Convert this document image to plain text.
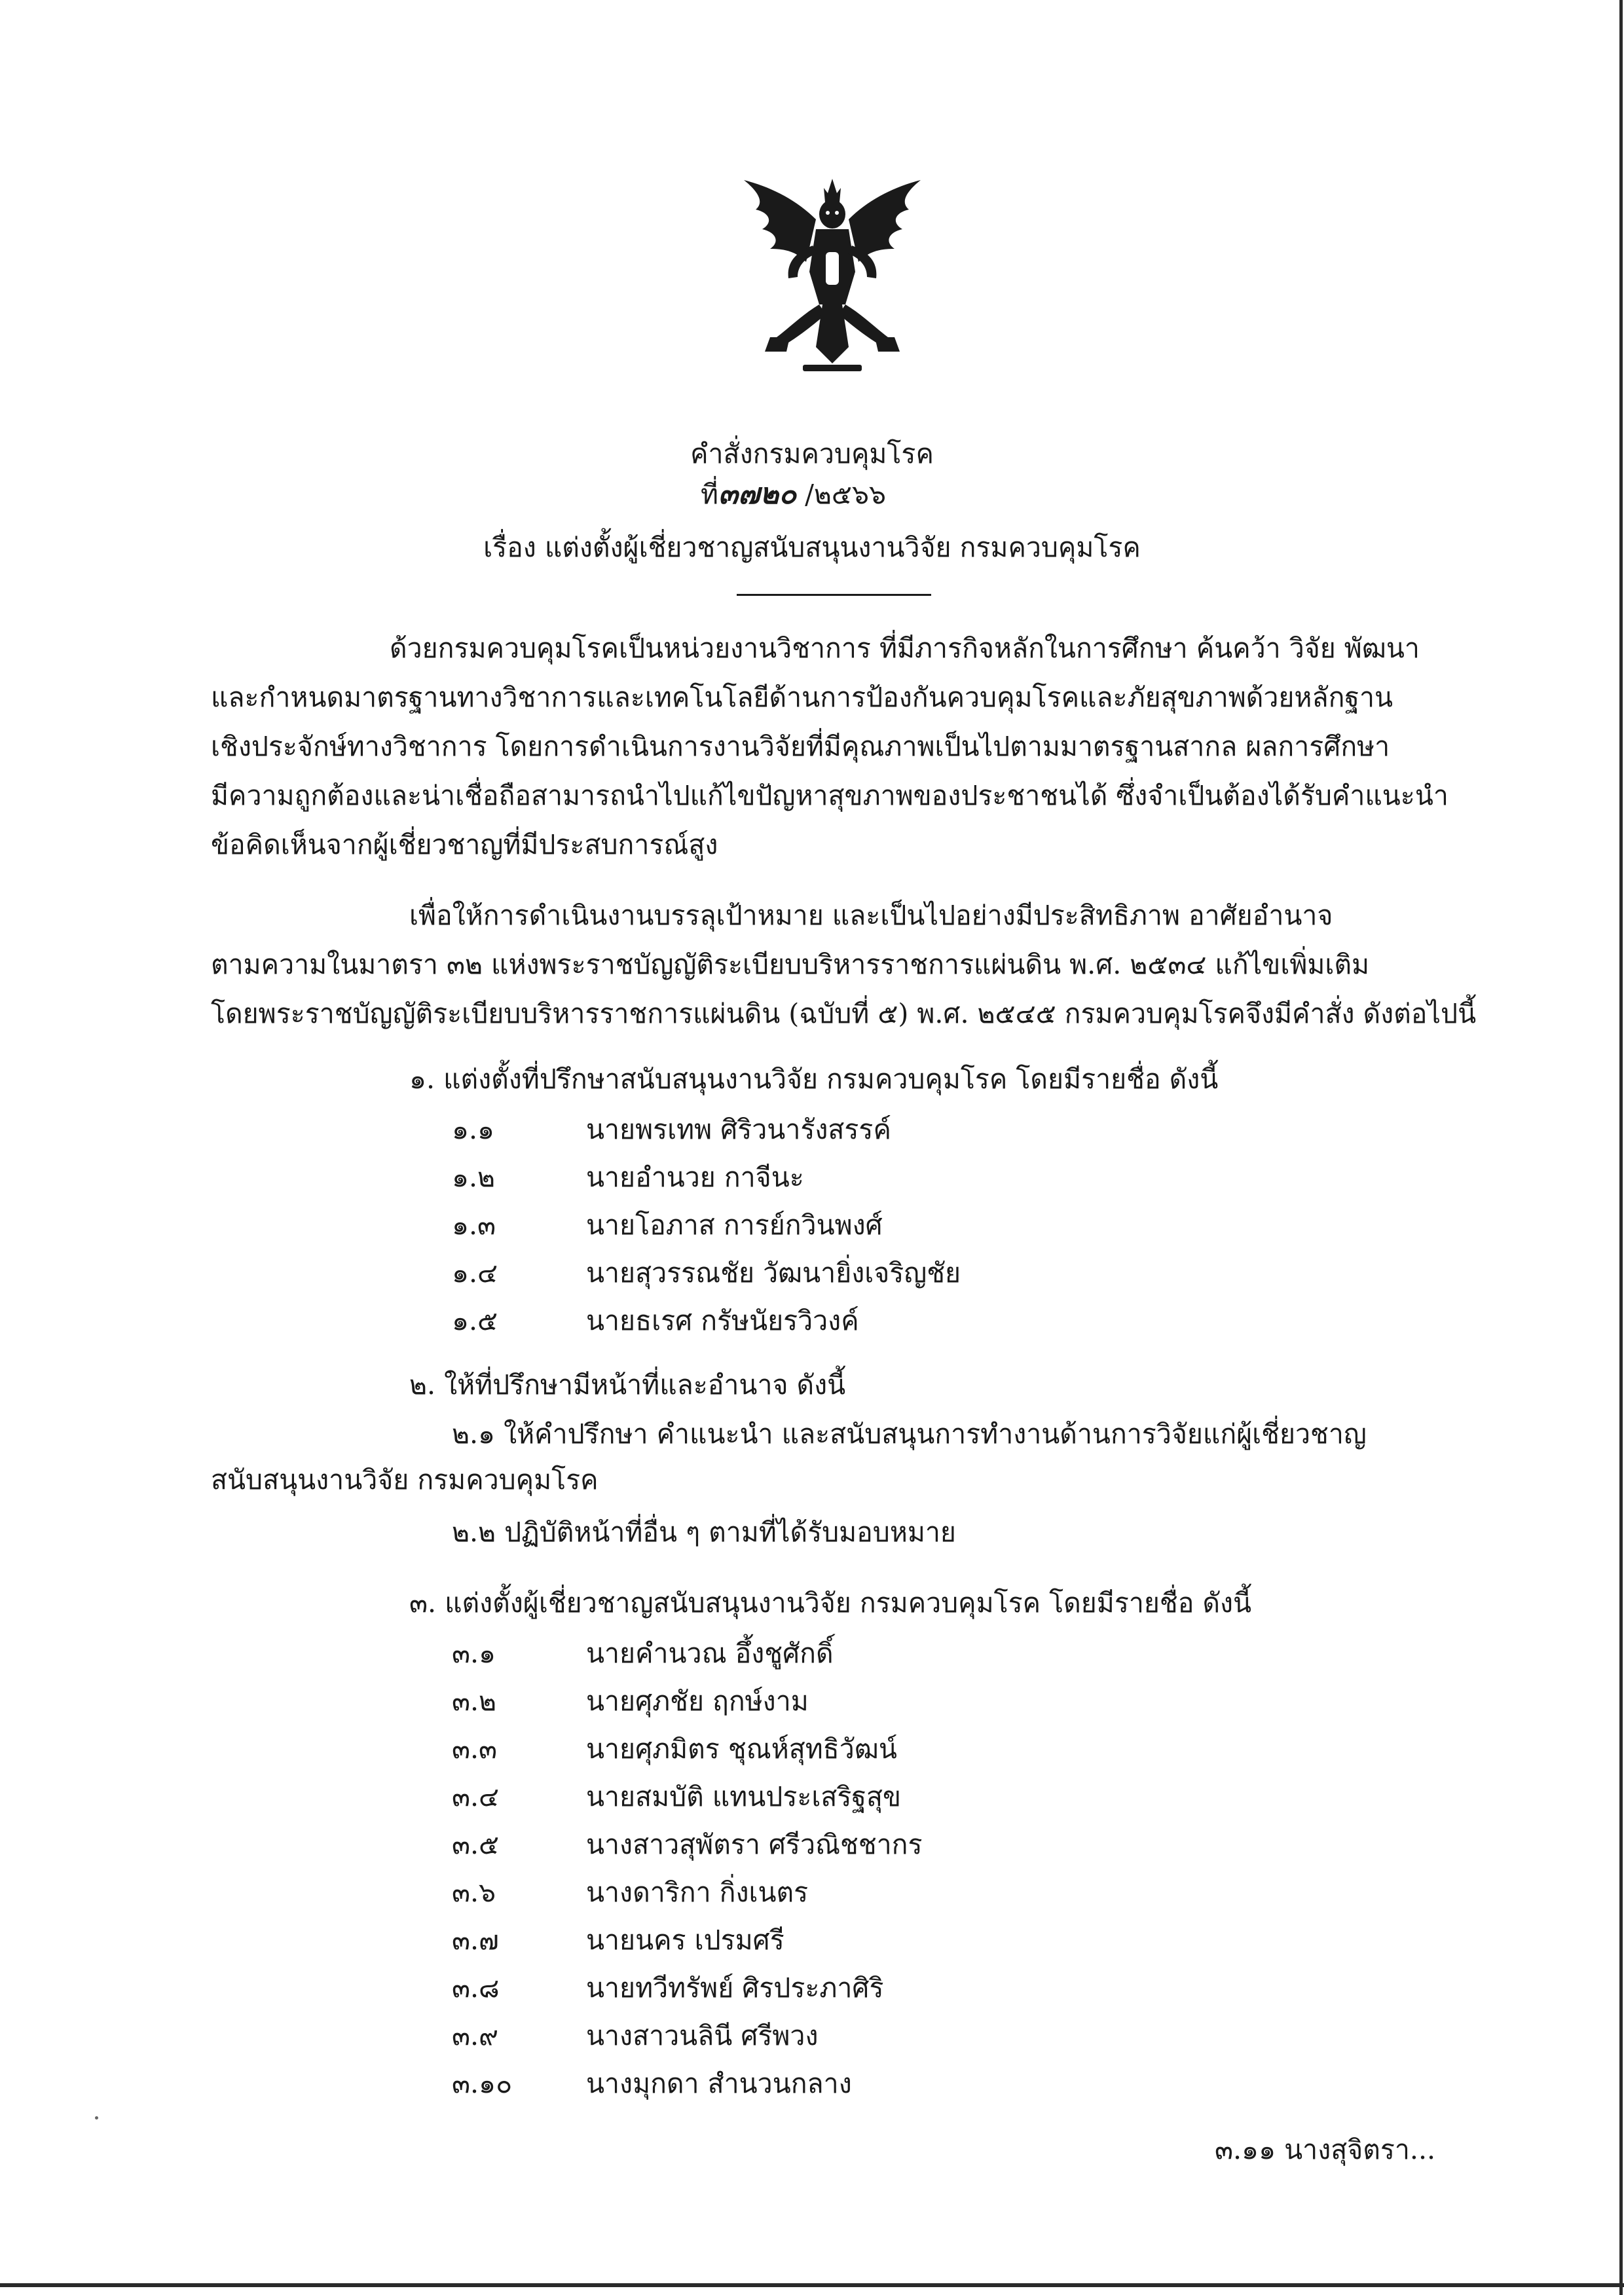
คำสั่งกรมควบคุมโรค
ที่๓๗๒๐ /๒๕๖๖
เรื่อง แต่งตั้งผู้เชี่ยวชาญสนับสนุนงานวิจัย กรมควบคุมโรค
ด้วยกรมควบคุมโรคเป็นหน่วยงานวิชาการ ที่มีภารกิจหลักในการศึกษา ค้นคว้า วิจัย พัฒนา
และกำหนดมาตรฐานทางวิชาการและเทคโนโลยีด้านการป้องกันควบคุมโรคและภัยสุขภาพด้วยหลักฐาน
เชิงประจักษ์ทางวิชาการ โดยการดำเนินการงานวิจัยที่มีคุณภาพเป็นไปตามมาตรฐานสากล ผลการศึกษา
มีความถูกต้องและน่าเชื่อถือสามารถนำไปแก้ไขปัญหาสุขภาพของประชาชนได้ ซึ่งจำเป็นต้องได้รับคำแนะนำ
ข้อคิดเห็นจากผู้เชี่ยวชาญที่มีประสบการณ์สูง
เพื่อให้การดำเนินงานบรรลุเป้าหมาย และเป็นไปอย่างมีประสิทธิภาพ อาศัยอำนาจ
ตามความในมาตรา ๓๒ แห่งพระราชบัญญัติระเบียบบริหารราชการแผ่นดิน พ.ศ. ๒๕๓๔ แก้ไขเพิ่มเติม
โดยพระราชบัญญัติระเบียบบริหารราชการแผ่นดิน (ฉบับที่ ๕) พ.ศ. ๒๕๔๕ กรมควบคุมโรคจึงมีคำสั่ง ดังต่อไปนี้
๑. แต่งตั้งที่ปรึกษาสนับสนุนงานวิจัย กรมควบคุมโรค โดยมีรายชื่อ ดังนี้
๑.๑	นายพรเทพ ศิริวนารังสรรค์
๑.๒	นายอำนวย กาจีนะ
๑.๓	นายโอภาส การย์กวินพงศ์
๑.๔	นายสุวรรณชัย วัฒนายิ่งเจริญชัย
๑.๕	นายธเรศ กรัษนัยรวิวงค์
๒. ให้ที่ปรึกษามีหน้าที่และอำนาจ ดังนี้
๒.๑ ให้คำปรึกษา คำแนะนำ และสนับสนุนการทำงานด้านการวิจัยแก่ผู้เชี่ยวชาญ
สนับสนุนงานวิจัย กรมควบคุมโรค
๒.๒ ปฏิบัติหน้าที่อื่น ๆ ตามที่ได้รับมอบหมาย
๓. แต่งตั้งผู้เชี่ยวชาญสนับสนุนงานวิจัย กรมควบคุมโรค โดยมีรายชื่อ ดังนี้
๓.๑	นายคำนวณ อึ้งชูศักดิ์
๓.๒	นายศุภชัย ฤกษ์งาม
๓.๓	นายศุภมิตร ชุณห์สุทธิวัฒน์
๓.๔	นายสมบัติ แทนประเสริฐสุข
๓.๕	นางสาวสุพัตรา ศรีวณิชชากร
๓.๖	นางดาริกา กิ่งเนตร
๓.๗	นายนคร เปรมศรี
๓.๘	นายทวีทรัพย์ ศิรประภาศิริ
๓.๙	นางสาวนลินี ศรีพวง
๓.๑๐	นางมุกดา สำนวนกลาง
๓.๑๑ นางสุจิตรา...
